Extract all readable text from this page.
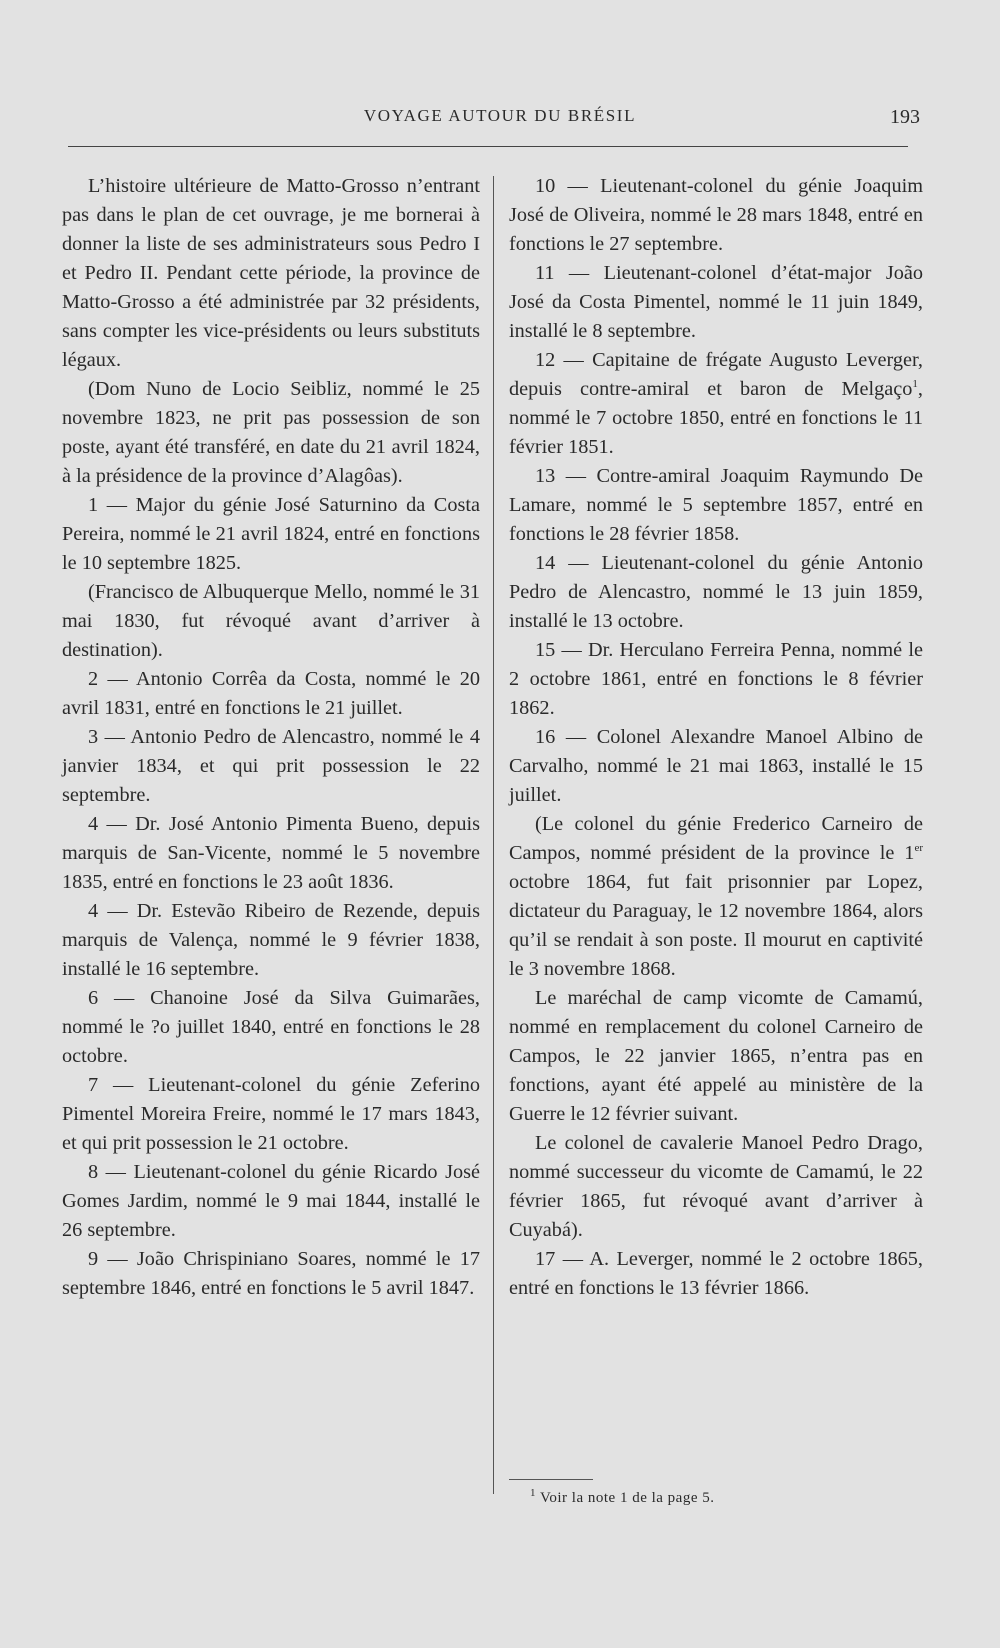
VOYAGE AUTOUR DU BRÉSIL	193

L’histoire ultérieure de Matto-Grosso n’entrant pas dans le plan de cet ouvrage, je me bornerai à donner la liste de ses administrateurs sous Pedro I et Pedro II. Pendant cette période, la province de Matto-Grosso a été administrée par 32 présidents, sans compter les vice-présidents ou leurs substituts légaux.

(Dom Nuno de Locio Seibliz, nommé le 25 novembre 1823, ne prit pas possession de son poste, ayant été transféré, en date du 21 avril 1824, à la présidence de la province d’Alagôas).

1 — Major du génie José Saturnino da Costa Pereira, nommé le 21 avril 1824, entré en fonctions le 10 septembre 1825.

(Francisco de Albuquerque Mello, nommé le 31 mai 1830, fut révoqué avant d’arriver à destination).

2 — Antonio Corrêa da Costa, nommé le 20 avril 1831, entré en fonctions le 21 juillet.

3 — Antonio Pedro de Alencastro, nommé le 4 janvier 1834, et qui prit possession le 22 septembre.

4 — Dr. José Antonio Pimenta Bueno, depuis marquis de San-Vicente, nommé le 5 novembre 1835, entré en fonctions le 23 août 1836.

4 — Dr. Estevão Ribeiro de Rezende, depuis marquis de Valença, nommé le 9 février 1838, installé le 16 septembre.

6 — Chanoine José da Silva Guimarães, nommé le ?o juillet 1840, entré en fonctions le 28 octobre.

7 — Lieutenant-colonel du génie Zeferino Pimentel Moreira Freire, nommé le 17 mars 1843, et qui prit possession le 21 octobre.

8 — Lieutenant-colonel du génie Ricardo José Gomes Jardim, nommé le 9 mai 1844, installé le 26 septembre.

9 — João Chrispiniano Soares, nommé le 17 septembre 1846, entré en fonctions le 5 avril 1847.

10 — Lieutenant-colonel du génie Joaquim José de Oliveira, nommé le 28 mars 1848, entré en fonctions le 27 septembre.

11 — Lieutenant-colonel d’état-major João José da Costa Pimentel, nommé le 11 juin 1849, installé le 8 septembre.

12 — Capitaine de frégate Augusto Leverger, depuis contre-amiral et baron de Melgaço$^1$, nommé le 7 octobre 1850, entré en fonctions le 11 février 1851.

13 — Contre-amiral Joaquim Raymundo De Lamare, nommé le 5 septembre 1857, entré en fonctions le 28 février 1858.

14 — Lieutenant-colonel du génie Antonio Pedro de Alencastro, nommé le 13 juin 1859, installé le 13 octobre.

15 — Dr. Herculano Ferreira Penna, nommé le 2 octobre 1861, entré en fonctions le 8 février 1862.

16 — Colonel Alexandre Manoel Albino de Carvalho, nommé le 21 mai 1863, installé le 15 juillet.

(Le colonel du génie Frederico Carneiro de Campos, nommé président de la province le 1er octobre 1864, fut fait prisonnier par Lopez, dictateur du Paraguay, le 12 novembre 1864, alors qu’il se rendait à son poste. Il mourut en captivité le 3 novembre 1868.

Le maréchal de camp vicomte de Camamú, nommé en remplacement du colonel Carneiro de Campos, le 22 janvier 1865, n’entra pas en fonctions, ayant été appelé au ministère de la Guerre le 12 février suivant.

Le colonel de cavalerie Manoel Pedro Drago, nommé successeur du vicomte de Camamú, le 22 février 1865, fut révoqué avant d’arriver à Cuyabá).

17 — A. Leverger, nommé le 2 octobre 1865, entré en fonctions le 13 février 1866.

$^1$ Voir la note 1 de la page 5.
